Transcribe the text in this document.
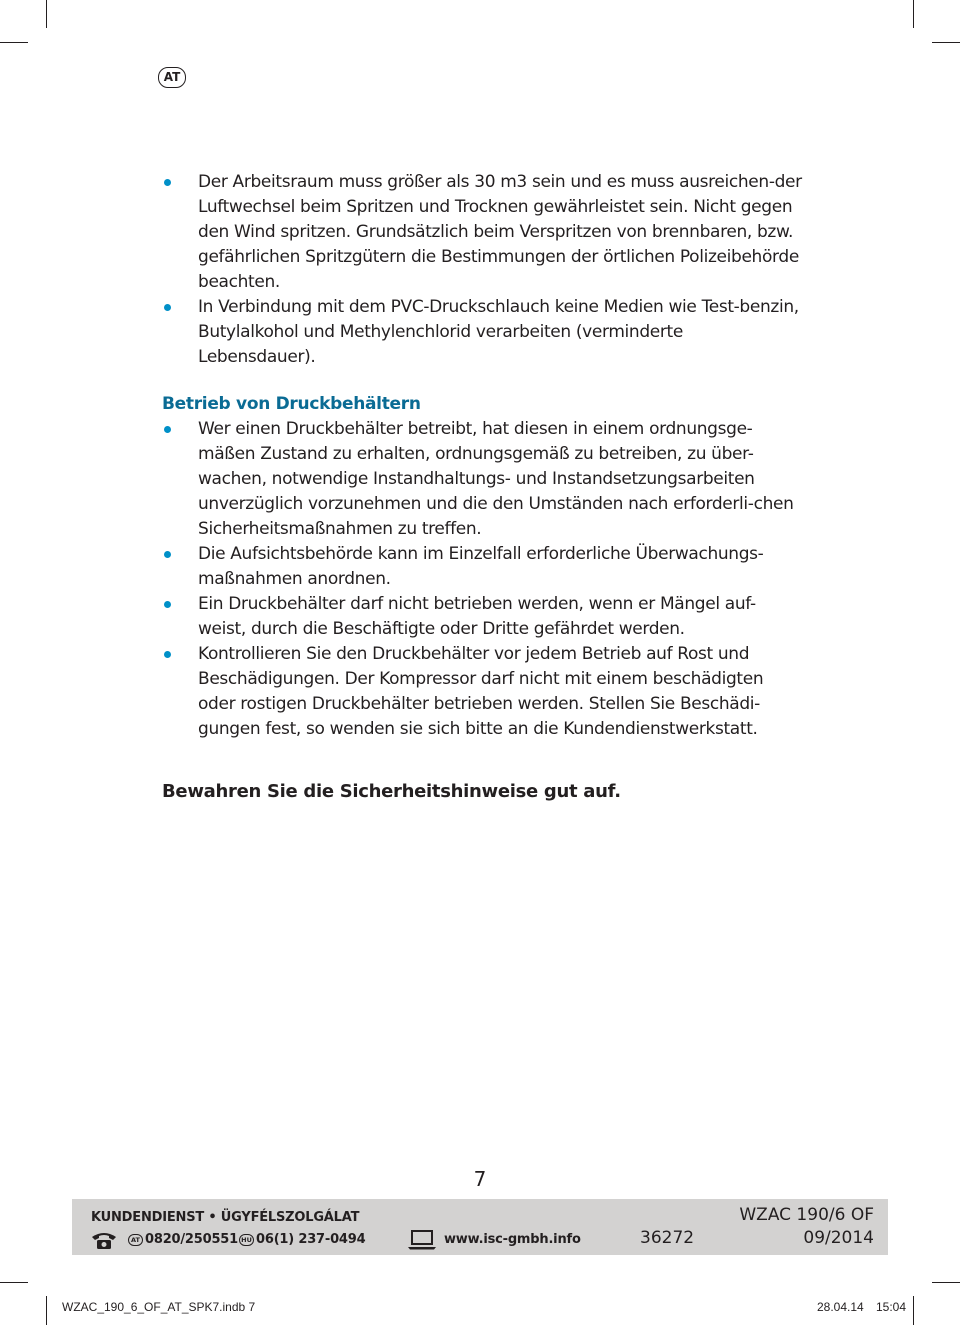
AT
Der Arbeitsraum muss größer als 30 m3 sein und es muss ausreichen-der Luftwechsel beim Spritzen und Trocknen gewährleistet sein. Nicht gegen den Wind spritzen. Grundsätzlich beim Verspritzen von brennbaren, bzw. gefährlichen Spritzgütern die Bestimmungen der örtlichen Polizeibehörde beachten.
In Verbindung mit dem PVC-Druckschlauch keine Medien wie Test-benzin, Butylalkohol und Methylenchlorid verarbeiten (verminderte Lebensdauer).
Betrieb von Druckbehältern
Wer einen Druckbehälter betreibt, hat diesen in einem ordnungsge-mäßen Zustand zu erhalten, ordnungsgemäß zu betreiben, zu über-wachen, notwendige Instandhaltungs- und Instandsetzungsarbeiten unverzüglich vorzunehmen und die den Umständen nach erforderli-chen Sicherheitsmaßnahmen zu treffen.
Die Aufsichtsbehörde kann im Einzelfall erforderliche Überwachungs-maßnahmen anordnen.
Ein Druckbehälter darf nicht betrieben werden, wenn er Mängel auf-weist, durch die Beschäftigte oder Dritte gefährdet werden.
Kontrollieren Sie den Druckbehälter vor jedem Betrieb auf Rost und Beschädigungen. Der Kompressor darf nicht mit einem beschädigten oder rostigen Druckbehälter betrieben werden. Stellen Sie Beschädi-gungen fest, so wenden sie sich bitte an die Kundendienstwerkstatt.

Bewahren Sie die Sicherheitshinweise gut auf.

7
KUNDENDIENST • ÜGYFÉLSZOLGÁLAT
AT 0820/250551 HU 06(1) 237-0494	www.isc-gmbh.info	36272
WZAC 190/6 OF
09/2014
WZAC_190_6_OF_AT_SPK7.indb 7	28.04.14 15:04
